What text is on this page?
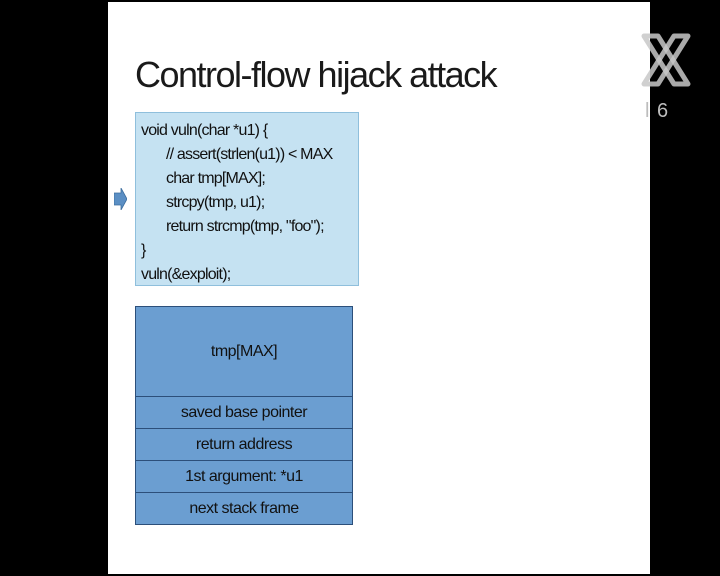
Control-flow hijack attack
void vuln(char *u1) {
// assert(strlen(u1)) < MAX
char tmp[MAX];
strcpy(tmp, u1);
return strcmp(tmp, "foo");
}
vuln(&exploit);
tmp[MAX]
saved base pointer
return address
1st argument: *u1
next stack frame
l 6
